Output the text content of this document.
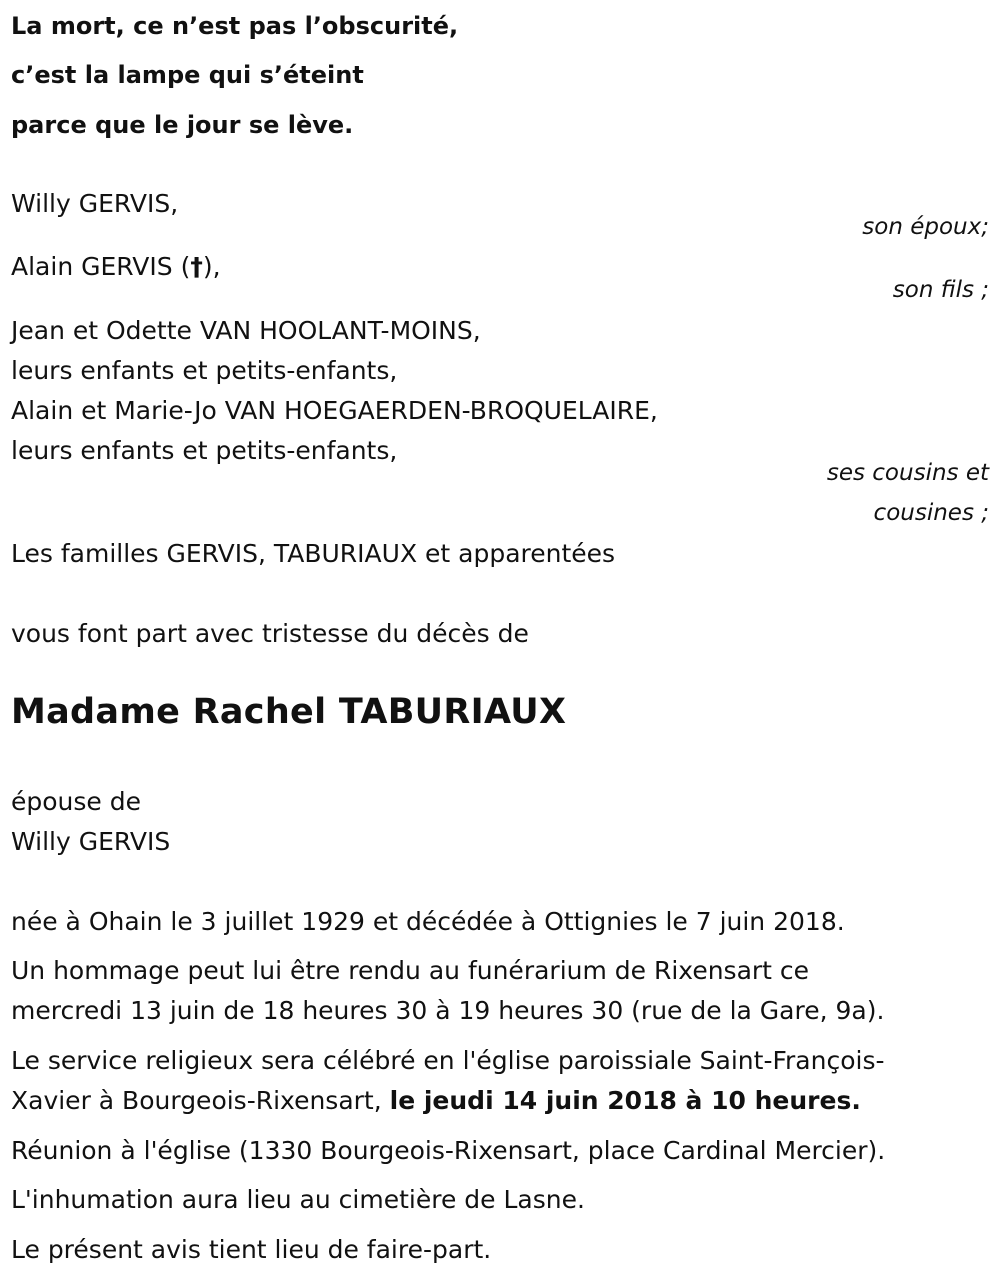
La mort, ce n’est pas l’obscurité,
c’est la lampe qui s’éteint
parce que le jour se lève.
Willy GERVIS,
son époux;
Alain GERVIS (†),
son fils ;
Jean et Odette VAN HOOLANT-MOINS,
leurs enfants et petits-enfants,
Alain et Marie-Jo VAN HOEGAERDEN-BROQUELAIRE,
leurs enfants et petits-enfants,
ses cousins et
cousines ;
Les familles GERVIS, TABURIAUX et apparentées
vous font part avec tristesse du décès de
Madame Rachel TABURIAUX
épouse de
Willy GERVIS
née à Ohain le 3 juillet 1929 et décédée à Ottignies le 7 juin 2018.
Un hommage peut lui être rendu au funérarium de Rixensart ce
mercredi 13 juin de 18 heures 30 à 19 heures 30 (rue de la Gare, 9a).
Le service religieux sera célébré en l'église paroissiale Saint-François-
Xavier à Bourgeois-Rixensart, le jeudi 14 juin 2018 à 10 heures.
Réunion à l'église (1330 Bourgeois-Rixensart, place Cardinal Mercier).
L'inhumation aura lieu au cimetière de Lasne.
Le présent avis tient lieu de faire-part.
